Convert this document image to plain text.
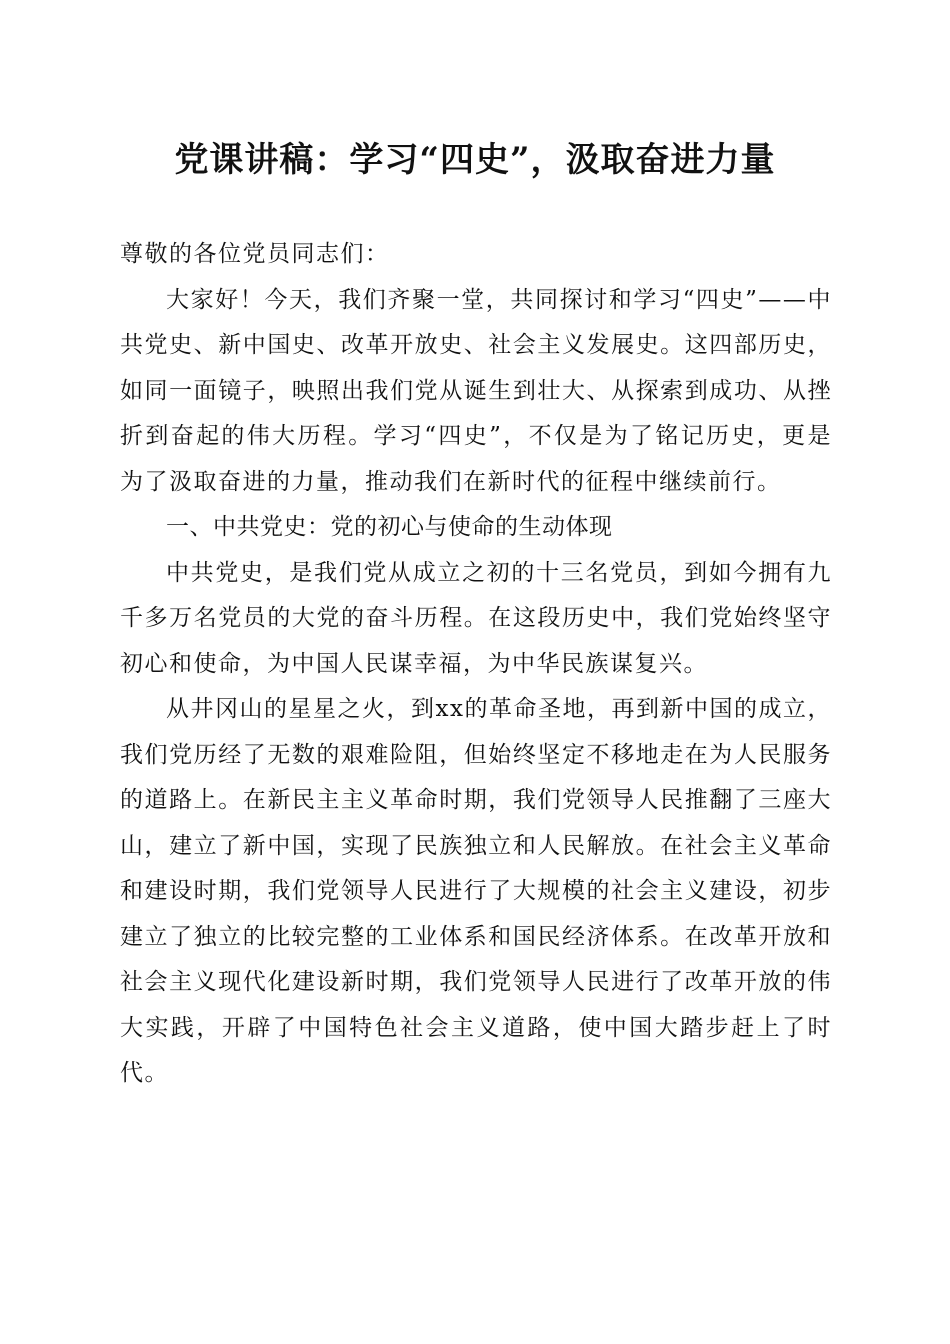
党课讲稿：学习“四史”，汲取奋进力量

尊敬的各位党员同志们：

大家好！今天，我们齐聚一堂，共同探讨和学习“四史”——中共党史、新中国史、改革开放史、社会主义发展史。这四部历史，如同一面镜子，映照出我们党从诞生到壮大、从探索到成功、从挫折到奋起的伟大历程。学习“四史”，不仅是为了铭记历史，更是为了汲取奋进的力量，推动我们在新时代的征程中继续前行。

一、中共党史：党的初心与使命的生动体现

中共党史，是我们党从成立之初的十三名党员，到如今拥有九千多万名党员的大党的奋斗历程。在这段历史中，我们党始终坚守初心和使命，为中国人民谋幸福，为中华民族谋复兴。

从井冈山的星星之火，到xx的革命圣地，再到新中国的成立，我们党历经了无数的艰难险阻，但始终坚定不移地走在为人民服务的道路上。在新民主主义革命时期，我们党领导人民推翻了三座大山，建立了新中国，实现了民族独立和人民解放。在社会主义革命和建设时期，我们党领导人民进行了大规模的社会主义建设，初步建立了独立的比较完整的工业体系和国民经济体系。在改革开放和社会主义现代化建设新时期，我们党领导人民进行了改革开放的伟大实践，开辟了中国特色社会主义道路，使中国大踏步赶上了时代。
